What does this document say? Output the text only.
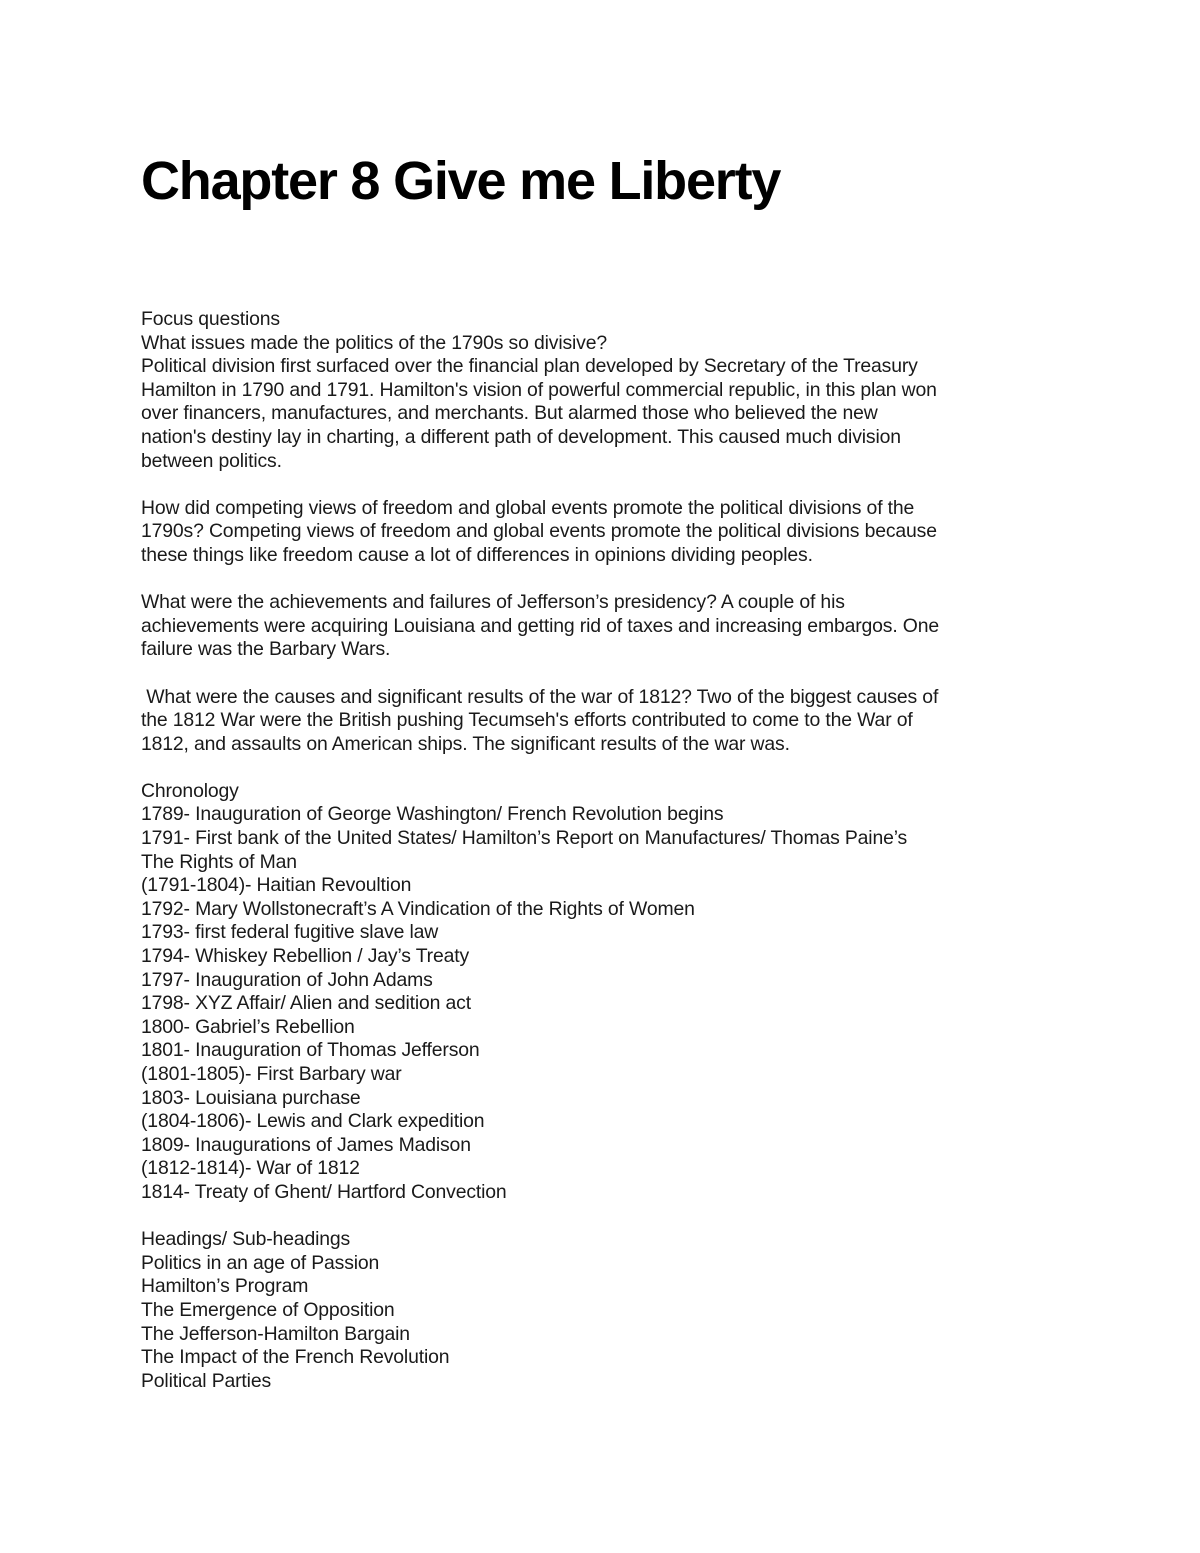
Chapter 8 Give me Liberty
Focus questions
What issues made the politics of the 1790s so divisive?
Political division first surfaced over the financial plan developed by Secretary of the Treasury
Hamilton in 1790 and 1791. Hamilton's vision of powerful commercial republic, in this plan won
over financers, manufactures, and merchants. But alarmed those who believed the new
nation's destiny lay in charting, a different path of development. This caused much division
between politics.
How did competing views of freedom and global events promote the political divisions of the
1790s? Competing views of freedom and global events promote the political divisions because
these things like freedom cause a lot of differences in opinions dividing peoples.
What were the achievements and failures of Jefferson’s presidency? A couple of his
achievements were acquiring Louisiana and getting rid of taxes and increasing embargos. One
failure was the Barbary Wars.
What were the causes and significant results of the war of 1812? Two of the biggest causes of
the 1812 War were the British pushing Tecumseh's efforts contributed to come to the War of
1812, and assaults on American ships. The significant results of the war was.
Chronology
1789- Inauguration of George Washington/ French Revolution begins
1791- First bank of the United States/ Hamilton’s Report on Manufactures/ Thomas Paine’s
The Rights of Man
(1791-1804)- Haitian Revoultion
1792- Mary Wollstonecraft’s A Vindication of the Rights of Women
1793- first federal fugitive slave law
1794- Whiskey Rebellion / Jay’s Treaty
1797- Inauguration of John Adams
1798- XYZ Affair/ Alien and sedition act
1800- Gabriel’s Rebellion
1801- Inauguration of Thomas Jefferson
(1801-1805)- First Barbary war
1803- Louisiana purchase
(1804-1806)- Lewis and Clark expedition
1809- Inaugurations of James Madison
(1812-1814)- War of 1812
1814- Treaty of Ghent/ Hartford Convection
Headings/ Sub-headings
Politics in an age of Passion
Hamilton’s Program
The Emergence of Opposition
The Jefferson-Hamilton Bargain
The Impact of the French Revolution
Political Parties
